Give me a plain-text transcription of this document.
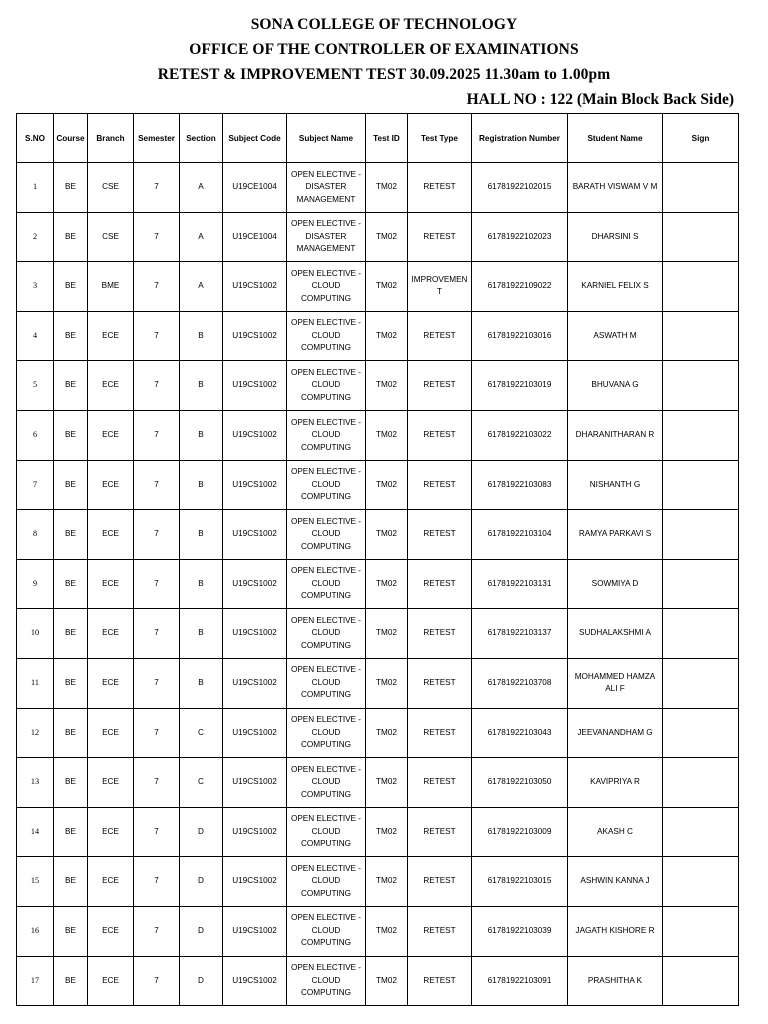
SONA COLLEGE OF TECHNOLOGY
OFFICE OF THE CONTROLLER OF EXAMINATIONS
RETEST & IMPROVEMENT TEST 30.09.2025 11.30am to 1.00pm
HALL NO : 122 (Main Block Back Side)
S.NO	Course	Branch	Semester	Section	Subject Code	Subject Name	Test ID	Test Type	Registration Number	Student Name	Sign
1	BE	CSE	7	A	U19CE1004	OPEN ELECTIVE - DISASTER MANAGEMENT	TM02	RETEST	61781922102015	BARATH VISWAM V M	
2	BE	CSE	7	A	U19CE1004	OPEN ELECTIVE - DISASTER MANAGEMENT	TM02	RETEST	61781922102023	DHARSINI S	
3	BE	BME	7	A	U19CS1002	OPEN ELECTIVE - CLOUD COMPUTING	TM02	IMPROVEMEN T	61781922109022	KARNIEL FELIX S	
4	BE	ECE	7	B	U19CS1002	OPEN ELECTIVE - CLOUD COMPUTING	TM02	RETEST	61781922103016	ASWATH M	
5	BE	ECE	7	B	U19CS1002	OPEN ELECTIVE - CLOUD COMPUTING	TM02	RETEST	61781922103019	BHUVANA G	
6	BE	ECE	7	B	U19CS1002	OPEN ELECTIVE - CLOUD COMPUTING	TM02	RETEST	61781922103022	DHARANITHARAN R	
7	BE	ECE	7	B	U19CS1002	OPEN ELECTIVE - CLOUD COMPUTING	TM02	RETEST	61781922103083	NISHANTH G	
8	BE	ECE	7	B	U19CS1002	OPEN ELECTIVE - CLOUD COMPUTING	TM02	RETEST	61781922103104	RAMYA PARKAVI S	
9	BE	ECE	7	B	U19CS1002	OPEN ELECTIVE - CLOUD COMPUTING	TM02	RETEST	61781922103131	SOWMIYA D	
10	BE	ECE	7	B	U19CS1002	OPEN ELECTIVE - CLOUD COMPUTING	TM02	RETEST	61781922103137	SUDHALAKSHMI A	
11	BE	ECE	7	B	U19CS1002	OPEN ELECTIVE - CLOUD COMPUTING	TM02	RETEST	61781922103708	MOHAMMED HAMZA ALI F	
12	BE	ECE	7	C	U19CS1002	OPEN ELECTIVE - CLOUD COMPUTING	TM02	RETEST	61781922103043	JEEVANANDHAM G	
13	BE	ECE	7	C	U19CS1002	OPEN ELECTIVE - CLOUD COMPUTING	TM02	RETEST	61781922103050	KAVIPRIYA R	
14	BE	ECE	7	D	U19CS1002	OPEN ELECTIVE - CLOUD COMPUTING	TM02	RETEST	61781922103009	AKASH C	
15	BE	ECE	7	D	U19CS1002	OPEN ELECTIVE - CLOUD COMPUTING	TM02	RETEST	61781922103015	ASHWIN KANNA J	
16	BE	ECE	7	D	U19CS1002	OPEN ELECTIVE - CLOUD COMPUTING	TM02	RETEST	61781922103039	JAGATH KISHORE R	
17	BE	ECE	7	D	U19CS1002	OPEN ELECTIVE - CLOUD COMPUTING	TM02	RETEST	61781922103091	PRASHITHA K	
